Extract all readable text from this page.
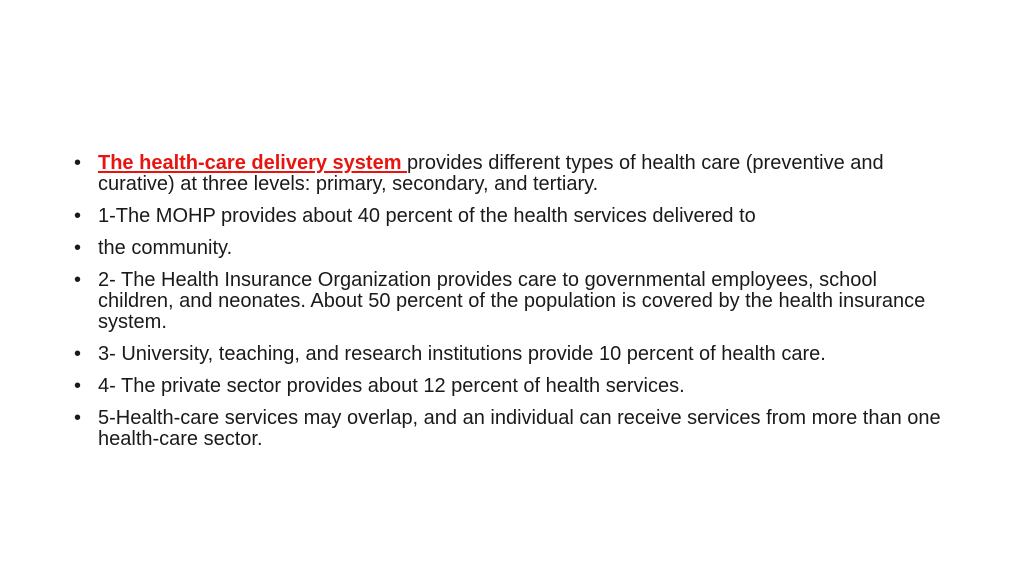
• The health-care delivery system provides different types of health care (preventive and curative) at three levels: primary, secondary, and tertiary.
• 1-The MOHP provides about 40 percent of the health services delivered to
• the community.
• 2- The Health Insurance Organization provides care to governmental employees, school children, and neonates. About 50 percent of the population is covered by the health insurance system.
• 3- University, teaching, and research institutions provide 10 percent of health care.
• 4- The private sector provides about 12 percent of health services.
• 5-Health-care services may overlap, and an individual can receive services from more than one health-care sector.
